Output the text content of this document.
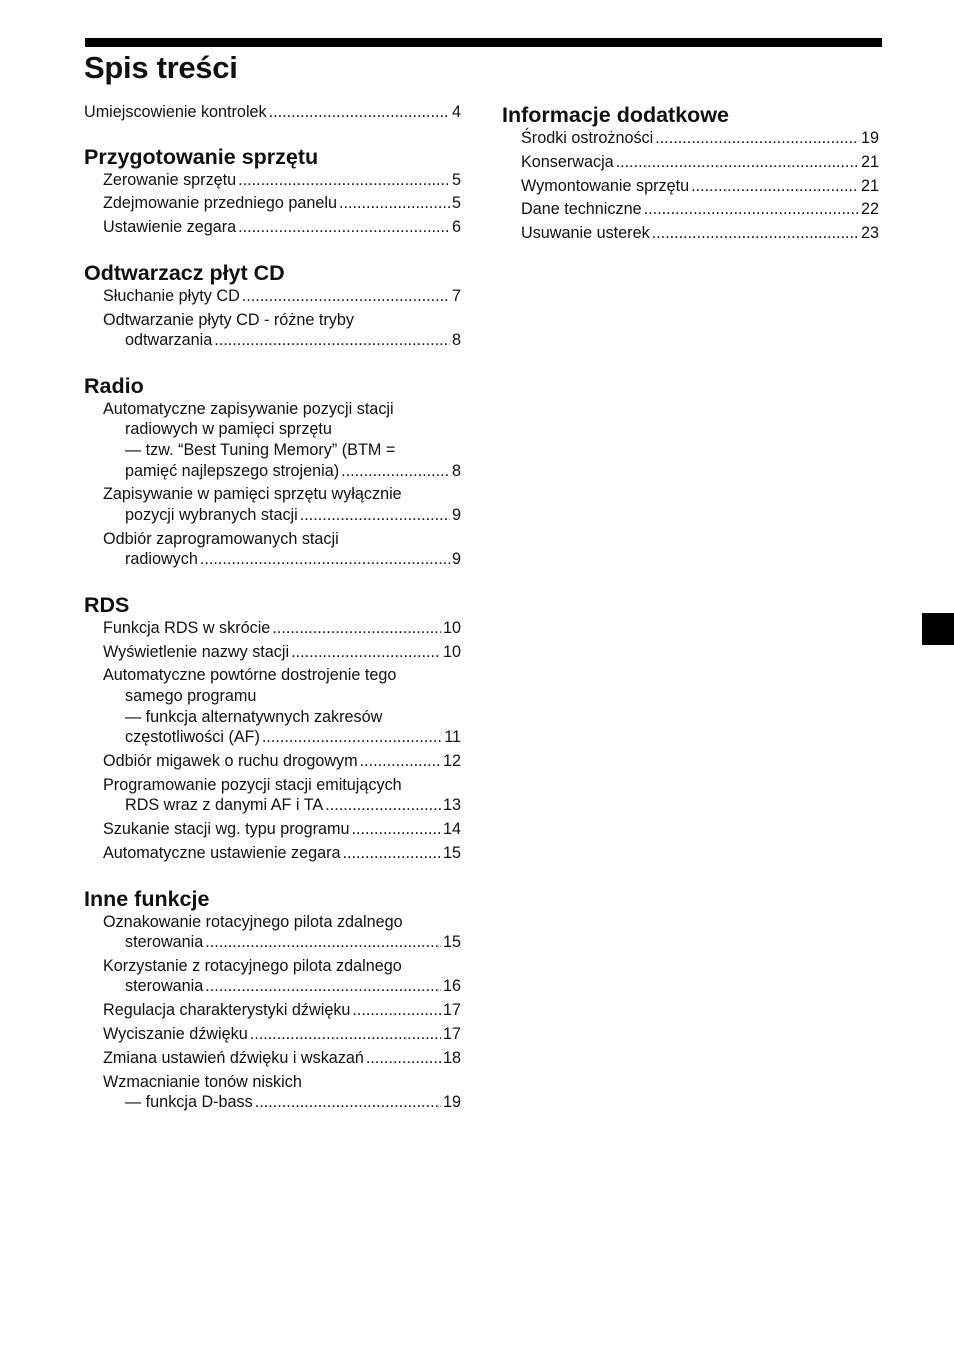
Spis treści
Umiejscowienie kontrolek .....	4
Przygotowanie sprzętu
Zerowanie sprzętu .....	5
Zdejmowanie przedniego panelu .....	5
Ustawienie zegara .....	6
Odtwarzacz płyt CD
Słuchanie płyty CD .....	7
Odtwarzanie płyty CD - różne tryby
odtwarzania .....	8
Radio
Automatyczne zapisywanie pozycji stacji
radiowych w pamięci sprzętu
— tzw. “Best Tuning Memory” (BTM =
pamięć najlepszego strojenia) .....	8
Zapisywanie w pamięci sprzętu wyłącznie
pozycji wybranych stacji .....	9
Odbiór zaprogramowanych stacji
radiowych .....	9
RDS
Funkcja RDS w skrócie .....	10
Wyświetlenie nazwy stacji .....	10
Automatyczne powtórne dostrojenie tego
samego programu
— funkcja alternatywnych zakresów
częstotliwości (AF) .....	11
Odbiór migawek o ruchu drogowym .....	12
Programowanie pozycji stacji emitujących
RDS wraz z danymi AF i TA .....	13
Szukanie stacji wg. typu programu .....	14
Automatyczne ustawienie zegara .....	15
Inne funkcje
Oznakowanie rotacyjnego pilota zdalnego
sterowania .....	15
Korzystanie z rotacyjnego pilota zdalnego
sterowania .....	16
Regulacja charakterystyki dźwięku .....	17
Wyciszanie dźwięku .....	17
Zmiana ustawień dźwięku i wskazań .....	18
Wzmacnianie tonów niskich
— funkcja D-bass .....	19
Informacje dodatkowe
Środki ostrożności .....	19
Konserwacja .....	21
Wymontowanie sprzętu .....	21
Dane techniczne .....	22
Usuwanie usterek .....	23
